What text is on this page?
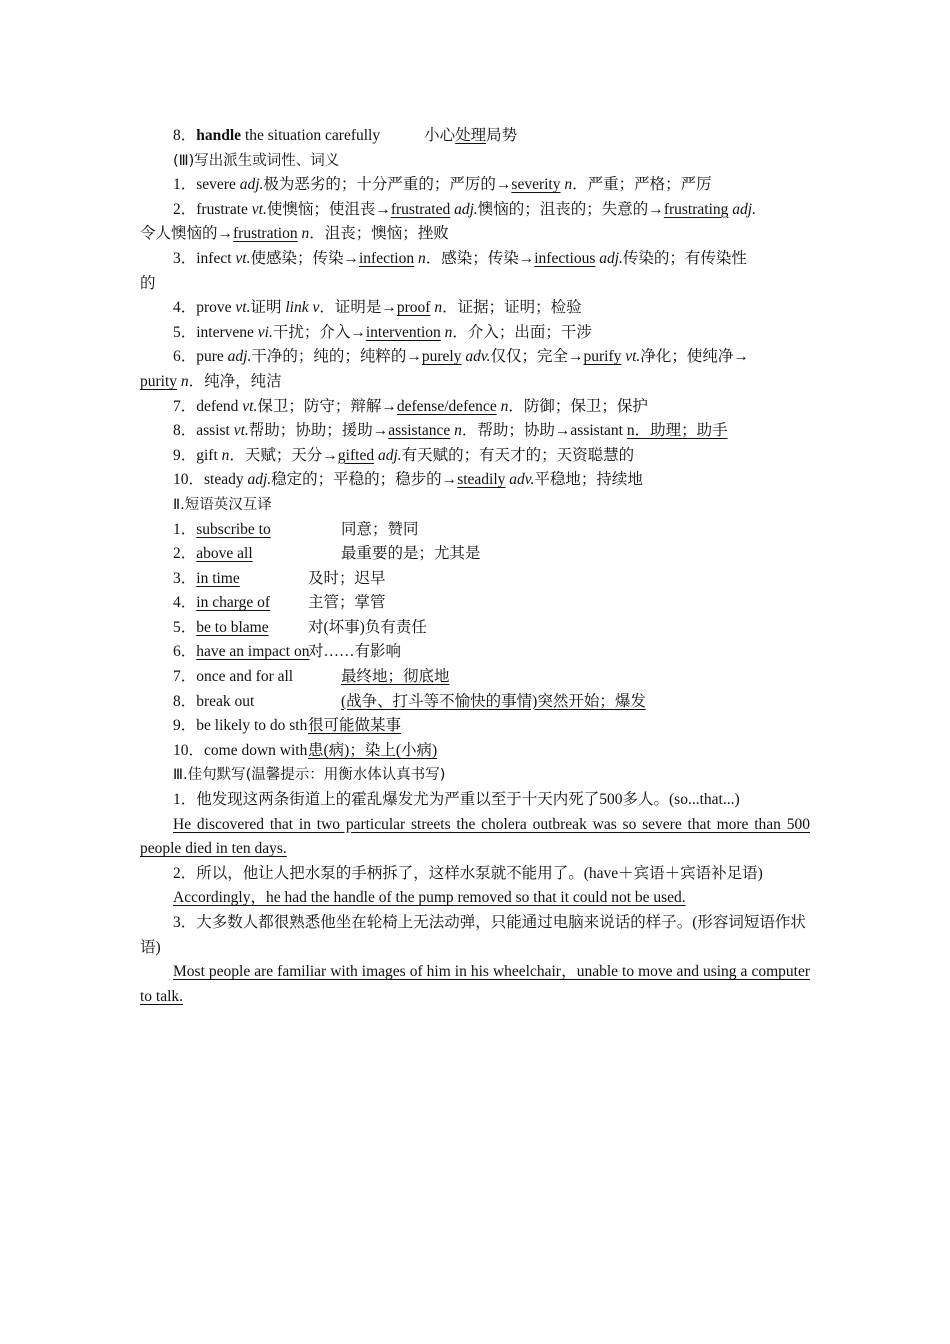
8．handle the situation carefully	小心处理局势
(Ⅲ)写出派生或词性、词义
1．severe adj.极为恶劣的；十分严重的；严厉的→severity n．严重；严格；严厉
2．frustrate vt.使懊恼；使沮丧→frustrated adj.懊恼的；沮丧的；失意的→frustrating adj.
令人懊恼的→frustration n．沮丧；懊恼；挫败
3．infect vt.使感染；传染→infection n．感染；传染→infectious adj.传染的；有传染性
的
4．prove vt.证明 link v．证明是→proof n．证据；证明；检验
5．intervene vi.干扰；介入→intervention n．介入；出面；干涉
6．pure adj.干净的；纯的；纯粹的→purely adv.仅仅；完全→purify vt.净化；使纯净→
purity n．纯净，纯洁
7．defend vt.保卫；防守；辩解→defense/defence n．防御；保卫；保护
8．assist vt.帮助；协助；援助→assistance n．帮助；协助→assistant n．助理；助手
9．gift n．天赋；天分→gifted adj.有天赋的；有天才的；天资聪慧的
10．steady adj.稳定的；平稳的；稳步的→steadily adv.平稳地；持续地
Ⅱ.短语英汉互译
1．subscribe to	同意；赞同
2．above all	最重要的是；尤其是
3．in time	及时；迟早
4．in charge of 主管；掌管
5．be to blame	对(坏事)负有责任
6．have an impact on对……有影响
7．once and for all	最终地；彻底地
8．break out	(战争、打斗等不愉快的事情)突然开始；爆发
9．be likely to do sth很可能做某事
10．come down with患(病)；染上(小病)
Ⅲ.佳句默写(温馨提示：用衡水体认真书写)
1．他发现这两条街道上的霍乱爆发尤为严重以至于十天内死了500多人。(so...that...)
He discovered that in two particular streets the cholera outbreak was so severe that more than 500 people died in ten days.
2．所以，他让人把水泵的手柄拆了，这样水泵就不能用了。(have＋宾语＋宾语补足语)
Accordingly，he had the handle of the pump removed so that it could not be used.
3．大多数人都很熟悉他坐在轮椅上无法动弹，只能通过电脑来说话的样子。(形容词短语作状语)
Most people are familiar with images of him in his wheelchair，unable to move and using a computer to talk.
